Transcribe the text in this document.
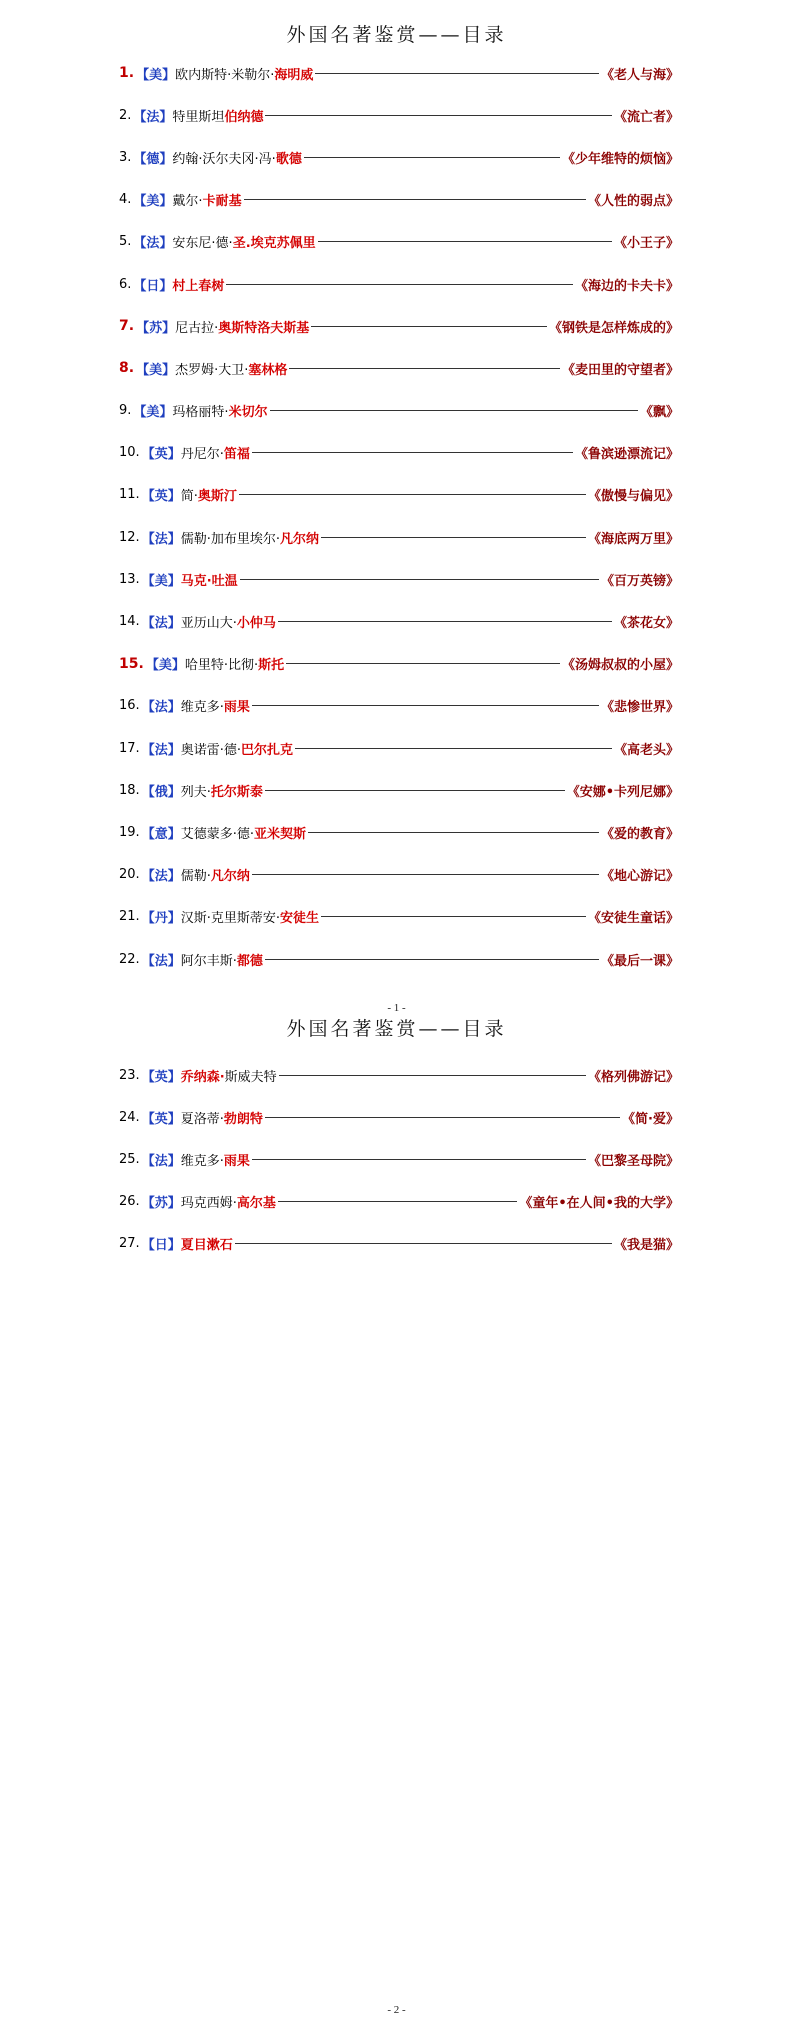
外国名著鉴赏——目录
1. 【美】 欧内斯特·米勒尔· 海明威	《老人与海》
2. 【法】 特里斯坦 伯纳德	《流亡者》
3. 【德】 约翰·沃尔夫冈·冯· 歌德	《少年维特的烦恼》
4. 【美】 戴尔· 卡耐基	《人性的弱点》
5. 【法】 安东尼·德· 圣.埃克苏佩里	《小王子》
6. 【日】 村上春树	《海边的卡夫卡》
7. 【苏】 尼古拉· 奥斯特洛夫斯基	《钢铁是怎样炼成的》
8. 【美】 杰罗姆·大卫· 塞林格	《麦田里的守望者》
9. 【美】 玛格丽特· 米切尔	《飘》
10. 【英】 丹尼尔· 笛福	《鲁滨逊漂流记》
11. 【英】 简· 奥斯汀	《傲慢与偏见》
12. 【法】 儒勒·加布里埃尔· 凡尔纳	《海底两万里》
13. 【美】 马克·吐温	《百万英镑》
14. 【法】 亚历山大· 小仲马	《茶花女》
15. 【美】 哈里特·比彻· 斯托	《汤姆叔叔的小屋》
16. 【法】 维克多· 雨果	《悲惨世界》
17. 【法】 奥诺雷·德· 巴尔扎克	《高老头》
18. 【俄】 列夫· 托尔斯泰	《安娜•卡列尼娜》
19. 【意】 艾德蒙多·德· 亚米契斯	《爱的教育》
20. 【法】 儒勒· 凡尔纳	《地心游记》
21. 【丹】 汉斯·克里斯蒂安· 安徒生	《安徒生童话》
22. 【法】 阿尔丰斯· 都德	《最后一课》
- 1 -
外国名著鉴赏——目录
23. 【英】 乔纳森· 斯威夫特	《格列佛游记》
24. 【英】 夏洛蒂· 勃朗特	《简·爱》
25. 【法】 维克多· 雨果	《巴黎圣母院》
26. 【苏】 玛克西姆· 高尔基	《童年•在人间•我的大学》
27. 【日】 夏目漱石	《我是猫》
- 2 -
